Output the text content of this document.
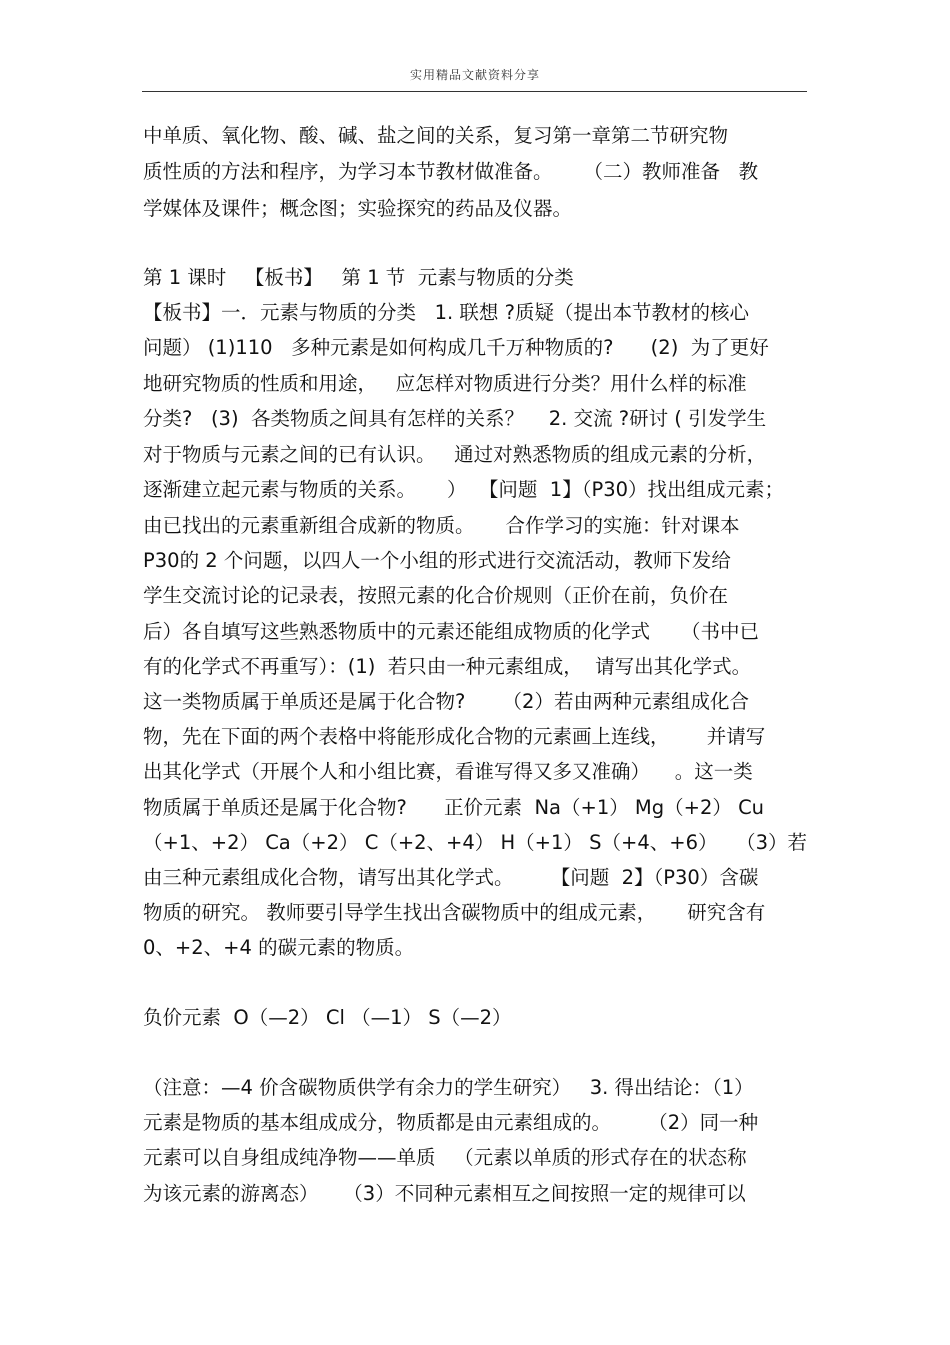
实用精品文献资料分享
中单质、氧化物、酸、碱、盐之间的关系，复习第一章第二节研究物
质性质的方法和程序，为学习本节教材做准备。     （二）教师准备   教
学媒体及课件；概念图；实验探究的药品及仪器。
第 1 课时   【板书】   第 1 节  元素与物质的分类
【板书】一．元素与物质的分类   1. 联想 ?质疑（提出本节教材的核心
问题） (1)110   多种元素是如何构成几千万种物质的?      (2)  为了更好
地研究物质的性质和用途，   应怎样对物质进行分类？用什么样的标准
分类?   (3)  各类物质之间具有怎样的关系？    2. 交流 ?研讨 ( 引发学生
对于物质与元素之间的已有认识。   通过对熟悉物质的组成元素的分析，
逐渐建立起元素与物质的关系。     ）  【问题  1】（P30）找出组成元素；
由已找出的元素重新组合成新的物质。     合作学习的实施：针对课本
P30的 2 个问题，以四人一个小组的形式进行交流活动，教师下发给
学生交流讨论的记录表，按照元素的化合价规则（正价在前，负价在
后）各自填写这些熟悉物质中的元素还能组成物质的化学式     （书中已
有的化学式不再重写）：(1)  若只由一种元素组成，  请写出其化学式。
这一类物质属于单质还是属于化合物?      （2）若由两种元素组成化合
物，先在下面的两个表格中将能形成化合物的元素画上连线，      并请写
出其化学式（开展个人和小组比赛，看谁写得又多又准确）    。这一类
物质属于单质还是属于化合物?      正价元素  Na（+1） Mg（+2） Cu
（+1、+2） Ca（+2） C（+2、+4） H（+1） S（+4、+6）   （3）若
由三种元素组成化合物，请写出其化学式。      【问题  2】（P30）含碳
物质的研究。 教师要引导学生找出含碳物质中的组成元素，     研究含有
0、+2、+4 的碳元素的物质。
负价元素  O（—2） Cl （—1） S（—2）
（注意：—4 价含碳物质供学有余力的学生研究）   3. 得出结论：（1）
元素是物质的基本组成成分，物质都是由元素组成的。      （2）同一种
元素可以自身组成纯净物——单质   （元素以单质的形式存在的状态称
为该元素的游离态）    （3）不同种元素相互之间按照一定的规律可以
